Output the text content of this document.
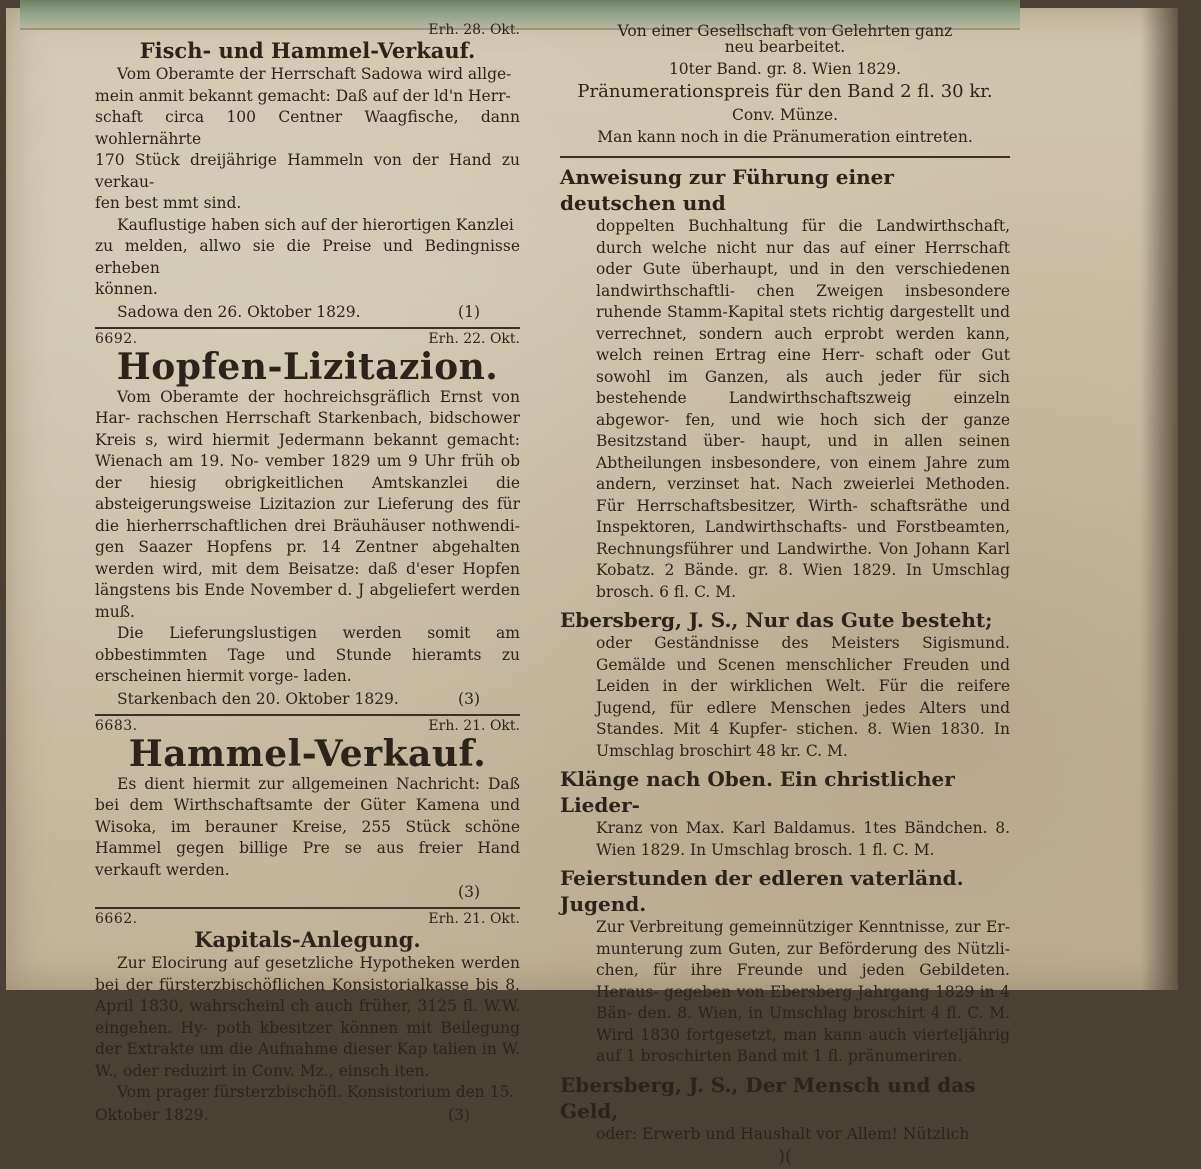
Erh. 28. Okt.
Fisch- und Hammel-Verkauf.
Vom Oberamte der Herrschaft Sadowa wird allge-
mein anmit bekannt gemacht: Daß auf der ld'n Herr-
schaft circa 100 Centner Waagfische, dann wohlernährte
170 Stück dreijährige Hammeln von der Hand zu verkau-
fen best mmt sind.
Kauflustige haben sich auf der hierortigen Kanzlei
zu melden, allwo sie die Preise und Bedingnisse erheben
können.
Sadowa den 26. Oktober 1829.	(1)
6692.	Erh. 22. Okt.
Hopfen-Lizitazion.

Vom Oberamte der hochreichsgräflich Ernst von Har- rachschen Herrschaft Starkenbach, bidschower Kreis s, wird hiermit Jedermann bekannt gemacht: Wienach am 19. No- vember 1829 um 9 Uhr früh ob der hiesig obrigkeitlichen Amtskanzlei die absteigerungsweise Lizitazion zur Lieferung des für die hierherrschaftlichen drei Bräuhäuser nothwendi- gen Saazer Hopfens pr. 14 Zentner abgehalten werden wird, mit dem Beisatze: daß d'eser Hopfen längstens bis Ende November d. J abgeliefert werden muß.

Die Lieferungslustigen werden somit am obbestimmten Tage und Stunde hieramts zu erscheinen hiermit vorge- laden.

Starkenbach den 20. Oktober 1829.	(3)
6683.	Erh. 21. Okt.
Hammel-Verkauf.

Es dient hiermit zur allgemeinen Nachricht: Daß bei dem Wirthschaftsamte der Güter Kamena und Wisoka, im berauner Kreise, 255 Stück schöne Hammel gegen billige Pre se aus freier Hand verkauft werden.

(3)
6662.	Erh. 21. Okt.
Kapitals-Anlegung.

Zur Elocirung auf gesetzliche Hypotheken werden bei der fürsterzbischöflichen Konsistorialkasse bis 8. April 1830, wahrscheinl ch auch früher, 3125 fl. W.W. eingehen. Hy- poth kbesitzer können mit Beilegung der Extrakte um die Aufnahme dieser Kap talien in W. W., oder reduzirt in Conv. Mz., einsch iten.

Vom prager fürsterzbischöfl. Konsistorium den 15.

Oktober 1829.	(3)
Von einer Gesellschaft von Gelehrten ganz
neu bearbeitet.
10ter Band. gr. 8. Wien 1829.
Pränumerationspreis für den Band 2 fl. 30 kr.
Conv. Münze.
Man kann noch in die Pränumeration eintreten.
Anweisung zur Führung einer deutschen und
doppelten Buchhaltung für die Landwirthschaft, durch welche nicht nur das auf einer Herrschaft oder Gute überhaupt, und in den verschiedenen landwirthschaftli- chen Zweigen insbesondere ruhende Stamm-Kapital stets richtig dargestellt und verrechnet, sondern auch erprobt werden kann, welch reinen Ertrag eine Herr- schaft oder Gut sowohl im Ganzen, als auch jeder für sich bestehende Landwirthschaftszweig einzeln abgewor- fen, und wie hoch sich der ganze Besitzstand über- haupt, und in allen seinen Abtheilungen insbesondere, von einem Jahre zum andern, verzinset hat. Nach zweierlei Methoden. Für Herrschaftsbesitzer, Wirth- schaftsräthe und Inspektoren, Landwirthschafts- und Forstbeamten, Rechnungsführer und Landwirthe. Von Johann Karl Kobatz. 2 Bände. gr. 8. Wien 1829. In Umschlag brosch. 6 fl. C. M.
Ebersberg, J. S., Nur das Gute besteht;
oder Geständnisse des Meisters Sigismund. Gemälde und Scenen menschlicher Freuden und Leiden in der wirklichen Welt. Für die reifere Jugend, für edlere Menschen jedes Alters und Standes. Mit 4 Kupfer- stichen. 8. Wien 1830. In Umschlag broschirt 48 kr. C. M.
Klänge nach Oben. Ein christlicher Lieder-
Kranz von Max. Karl Baldamus. 1tes Bändchen. 8. Wien 1829. In Umschlag brosch. 1 fl. C. M.
Feierstunden der edleren vaterländ. Jugend.
Zur Verbreitung gemeinnütziger Kenntnisse, zur Er- munterung zum Guten, zur Beförderung des Nützli- chen, für ihre Freunde und jeden Gebildeten. Heraus- gegeben von Ebersberg Jahrgang 1829 in 4 Bän- den. 8. Wien, in Umschlag broschirt 4 fl. C. M. Wird 1830 fortgesetzt, man kann auch vierteljährig auf 1 broschirten Band mit 1 fl. pränumeriren.
Ebersberg, J. S., Der Mensch und das Geld,
oder: Erwerb und Haushalt vor Allem! Nützlich
)(
